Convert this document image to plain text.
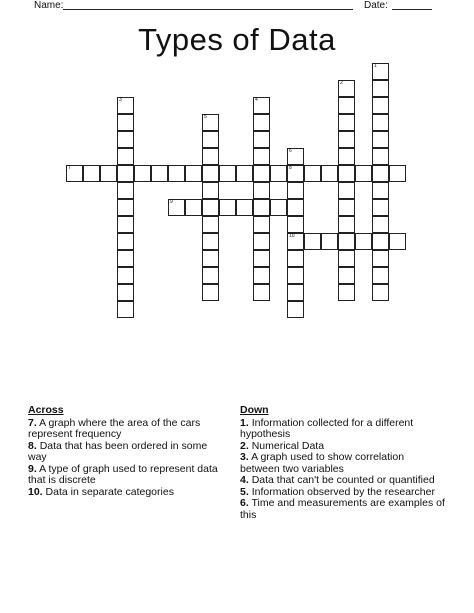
Name:	Date:
Types of Data
1
2
3	4
5
6
8
10
7
9
Across
7. A graph where the area of the cars represent frequency
8. Data that has been ordered in some way
9. A type of graph used to represent data that is discrete
10. Data in separate categories
Down
1. Information collected for a different hypothesis
2. Numerical Data
3. A graph used to show correlation between two variables
4. Data that can't be counted or quantified
5. Information observed by the researcher
6. Time and measurements are examples of this
